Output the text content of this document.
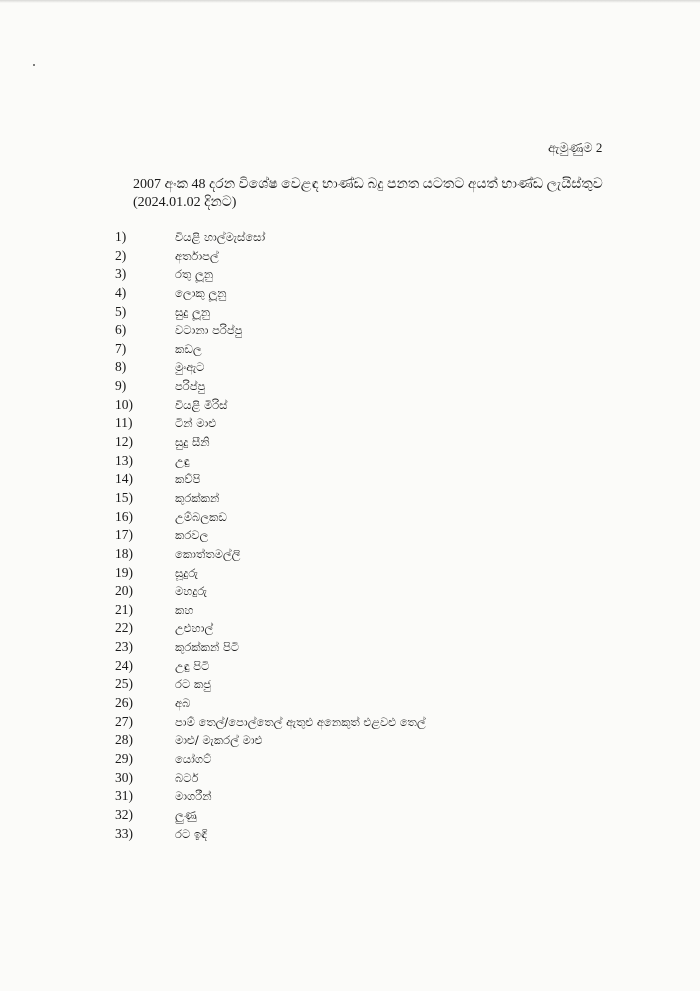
ඇමුණුම 2
2007 අංක 48 දරන විශේෂ වෙළඳ භාණ්ඩ බදු පනත යටතට අයත් භාණ්ඩ ලැයිස්තුව
(2024.01.02 දිනට)
1)	වියළි හාල්මැස්සෝ
2)	අර්තාපල්
3)	රතු ලූනු
4)	ලොකු ලූනු
5)	සුදු ලූනු
6)	වටානා පරිප්පු
7)	කඩල
8)	මුංඇට
9)	පරිප්පු
10)	වියළි මිරිස්
11)	ටින් මාළු
12)	සුදු සීනි
13)	උඳු
14)	කව්පි
15)	කුරක්කන්
16)	උම්බලකඩ
17)	කරවල
18)	කොත්තමල්ලි
19)	සූදුරු
20)	මහදුරු
21)	කහ
22)	උළුහාල්
23)	කුරක්කන් පිටි
24)	උඳු පිටි
25)	රට කජු
26)	අබ
27)	පාම් තෙල්/පොල්තෙල් ඇතුළු අනෙකුත් එළවළු තෙල්
28)	මාළු/ මැකරල් මාළු
29)	යෝගට්
30)	බටර්
31)	මාගරීන්
32)	ලුණු
33)	රට ඉඳි
